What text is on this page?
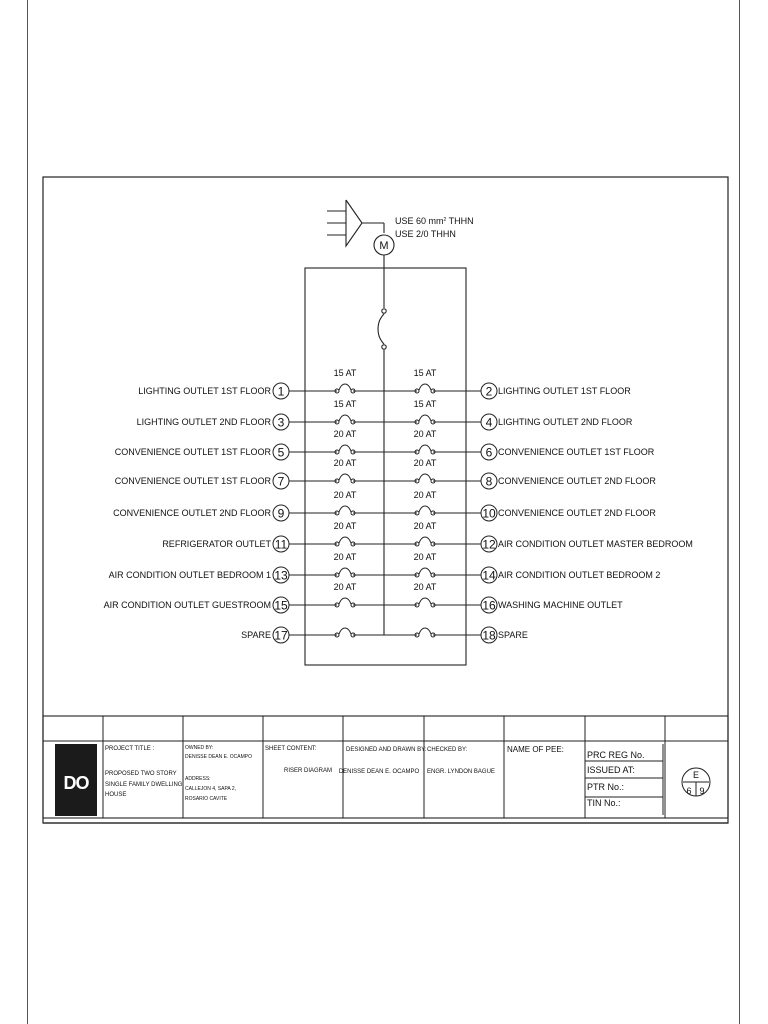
M
USE 60 $mm^2$ THHN
USE 2/0 THHN
15 AT
1
LIGHTING OUTLET 1ST FLOOR
15 AT
3
LIGHTING OUTLET 2ND FLOOR
20 AT
5
CONVENIENCE OUTLET 1ST FLOOR
20 AT
7
CONVENIENCE OUTLET 1ST FLOOR
20 AT
9
CONVENIENCE OUTLET 2ND FLOOR
20 AT
11
REFRIGERATOR OUTLET
20 AT
13
AIR CONDITION OUTLET BEDROOM 1
20 AT
15
AIR CONDITION OUTLET GUESTROOM
17
SPARE
15 AT
2 LIGHTING OUTLET 1ST FLOOR
15 AT
4 LIGHTING OUTLET 2ND FLOOR
20 AT
6 CONVENIENCE OUTLET 1ST FLOOR
20 AT
8 CONVENIENCE OUTLET 2ND FLOOR
20 AT
10 CONVENIENCE OUTLET 2ND FLOOR
20 AT
12 AIR CONDITION OUTLET MASTER BEDROOM
20 AT
14 AIR CONDITION OUTLET BEDROOM 2
20 AT
16 WASHING MACHINE OUTLET
18 SPARE
DO
PROJECT TITLE :
PROPOSED TWO STORY
SINGLE FAMILY DWELLING
HOUSE
OWNED BY:
DENISSE DEAN E. OCAMPO
ADDRESS:
CALLEJON 4, SAPA 2,
ROSARIO CAVITE
SHEET CONTENT:
RISER DIAGRAM
DESIGNED AND DRAWN BY:
DENISSE DEAN E. OCAMPO
CHECKED BY:
ENGR. LYNDON BAGUE
NAME OF PEE:
PRC REG No.
ISSUED AT:
PTR No.:
TIN No.:
E
6 9
